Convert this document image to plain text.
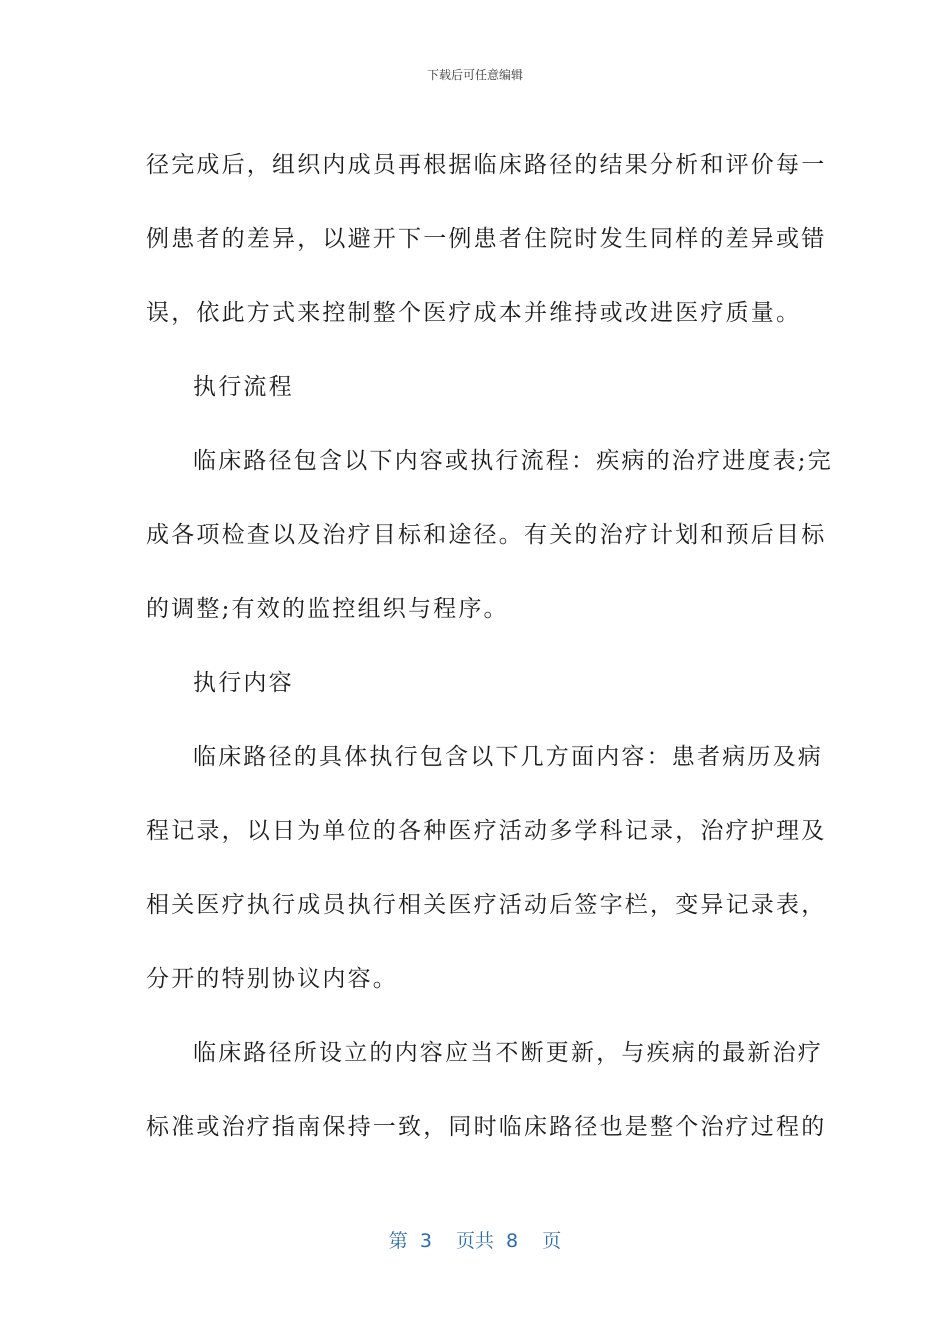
下载后可任意编辑
径完成后，组织内成员再根据临床路径的结果分析和评价每一
例患者的差异，以避开下一例患者住院时发生同样的差异或错
误，依此方式来控制整个医疗成本并维持或改进医疗质量。
执行流程
临床路径包含以下内容或执行流程：疾病的治疗进度表;完
成各项检查以及治疗目标和途径。有关的治疗计划和预后目标
的调整;有效的监控组织与程序。
执行内容
临床路径的具体执行包含以下几方面内容：患者病历及病
程记录，以日为单位的各种医疗活动多学科记录，治疗护理及
相关医疗执行成员执行相关医疗活动后签字栏，变异记录表，
分开的特别协议内容。
临床路径所设立的内容应当不断更新，与疾病的最新治疗
标准或治疗指南保持一致，同时临床路径也是整个治疗过程的
第 3  页共 8  页
